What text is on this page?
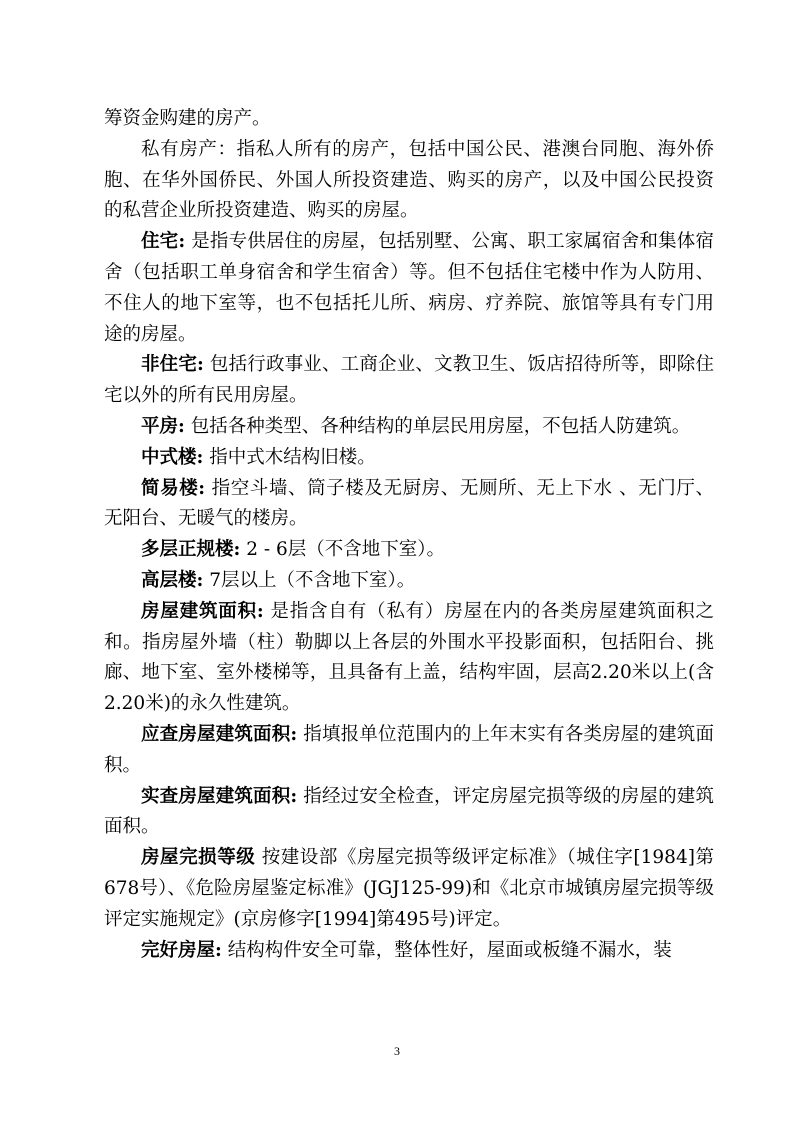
筹资金购建的房产。

私有房产：指私人所有的房产，包括中国公民、港澳台同胞、海外侨胞、在华外国侨民、外国人所投资建造、购买的房产，以及中国公民投资的私营企业所投资建造、购买的房屋。

住宅: 是指专供居住的房屋，包括别墅、公寓、职工家属宿舍和集体宿舍（包括职工单身宿舍和学生宿舍）等。但不包括住宅楼中作为人防用、不住人的地下室等，也不包括托儿所、病房、疗养院、旅馆等具有专门用途的房屋。

非住宅: 包括行政事业、工商企业、文教卫生、饭店招待所等，即除住宅以外的所有民用房屋。

平房: 包括各种类型、各种结构的单层民用房屋，不包括人防建筑。

中式楼: 指中式木结构旧楼。

简易楼: 指空斗墙、筒子楼及无厨房、无厕所、无上下水 、无门厅、无阳台、无暖气的楼房。

多层正规楼: 2 - 6层（不含地下室）。

高层楼: 7层以上（不含地下室）。

房屋建筑面积: 是指含自有（私有）房屋在内的各类房屋建筑面积之和。指房屋外墙（柱）勒脚以上各层的外围水平投影面积，包括阳台、挑廊、地下室、室外楼梯等，且具备有上盖，结构牢固，层高2.20米以上(含2.20米)的永久性建筑。

应查房屋建筑面积: 指填报单位范围内的上年末实有各类房屋的建筑面积。

实查房屋建筑面积: 指经过安全检查，评定房屋完损等级的房屋的建筑面积。

房屋完损等级 按建设部《房屋完损等级评定标准》（城住字[1984]第678号）、《危险房屋鉴定标准》(JGJ125-99)和《北京市城镇房屋完损等级评定实施规定》(京房修字[1994]第495号)评定。

完好房屋: 结构构件安全可靠，整体性好，屋面或板缝不漏水，装

3
